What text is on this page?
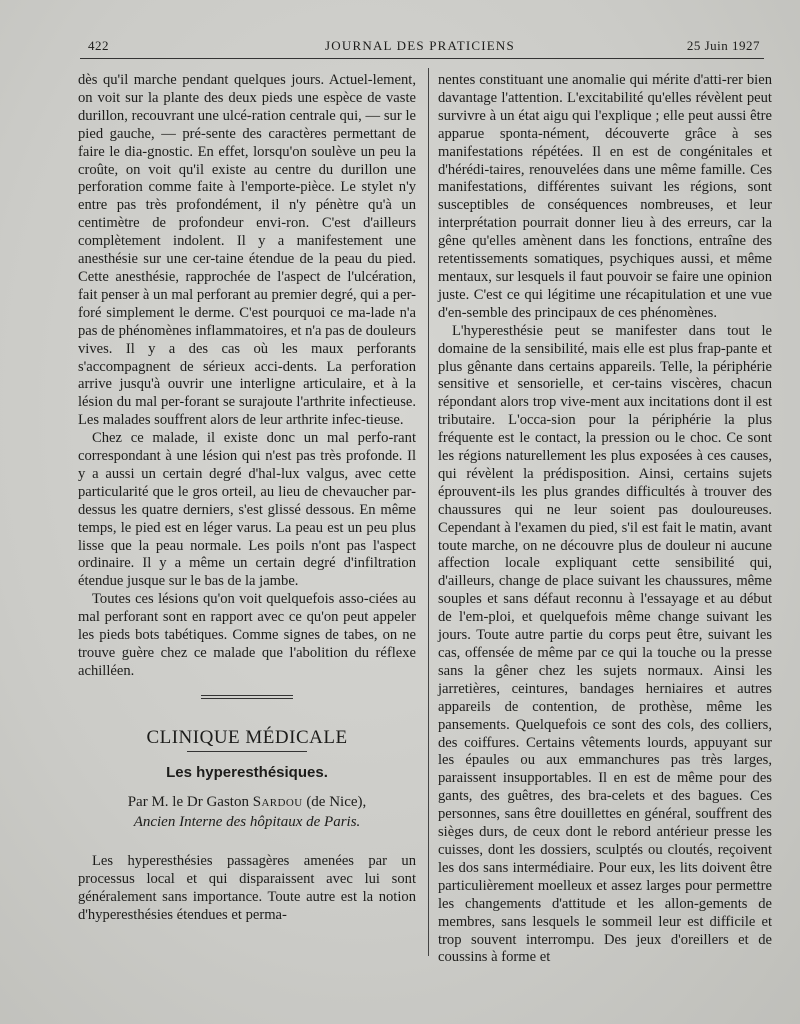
422	JOURNAL DES PRATICIENS	25 Juin 1927

dès qu'il marche pendant quelques jours. Actuel-lement, on voit sur la plante des deux pieds une espèce de vaste durillon, recouvrant une ulcé-ration centrale qui, — sur le pied gauche, — pré-sente des caractères permettant de faire le dia-gnostic. En effet, lorsqu'on soulève un peu la croûte, on voit qu'il existe au centre du durillon une perforation comme faite à l'emporte-pièce. Le stylet n'y entre pas très profondément, il n'y pénètre qu'à un centimètre de profondeur envi-ron. C'est d'ailleurs complètement indolent. Il y a manifestement une anesthésie sur une cer-taine étendue de la peau du pied. Cette anesthésie, rapprochée de l'aspect de l'ulcération, fait penser à un mal perforant au premier degré, qui a per-foré simplement le derme. C'est pourquoi ce ma-lade n'a pas de phénomènes inflammatoires, et n'a pas de douleurs vives. Il y a des cas où les maux perforants s'accompagnent de sérieux acci-dents. La perforation arrive jusqu'à ouvrir une interligne articulaire, et à la lésion du mal per-forant se surajoute l'arthrite infectieuse. Les malades souffrent alors de leur arthrite infec-tieuse.

Chez ce malade, il existe donc un mal perfo-rant correspondant à une lésion qui n'est pas très profonde. Il y a aussi un certain degré d'hal-lux valgus, avec cette particularité que le gros orteil, au lieu de chevaucher par-dessus les quatre derniers, s'est glissé dessous. En même temps, le pied est en léger varus. La peau est un peu plus lisse que la peau normale. Les poils n'ont pas l'aspect ordinaire. Il y a même un certain degré d'infiltration étendue jusque sur le bas de la jambe.

Toutes ces lésions qu'on voit quelquefois asso-ciées au mal perforant sont en rapport avec ce qu'on peut appeler les pieds bots tabétiques. Comme signes de tabes, on ne trouve guère chez ce malade que l'abolition du réflexe achilléen.

CLINIQUE MÉDICALE
Les hyperesthésiques.
Par M. le Dr Gaston Sardou (de Nice),
Ancien Interne des hôpitaux de Paris.

Les hyperesthésies passagères amenées par un processus local et qui disparaissent avec lui sont généralement sans importance. Toute autre est la notion d'hyperesthésies étendues et perma-

nentes constituant une anomalie qui mérite d'atti-rer bien davantage l'attention. L'excitabilité qu'elles révèlent peut survivre à un état aigu qui l'explique ; elle peut aussi être apparue sponta-nément, découverte grâce à ses manifestations répétées. Il en est de congénitales et d'hérédi-taires, renouvelées dans une même famille. Ces manifestations, différentes suivant les régions, sont susceptibles de conséquences nombreuses, et leur interprétation pourrait donner lieu à des erreurs, car la gêne qu'elles amènent dans les fonctions, entraîne des retentissements somatiques, psychiques aussi, et même mentaux, sur lesquels il faut pouvoir se faire une opinion juste. C'est ce qui légitime une récapitulation et une vue d'en-semble des principaux de ces phénomènes.

L'hyperesthésie peut se manifester dans tout le domaine de la sensibilité, mais elle est plus frap-pante et plus gênante dans certains appareils. Telle, la périphérie sensitive et sensorielle, et cer-tains viscères, chacun répondant alors trop vive-ment aux incitations dont il est tributaire. L'occa-sion pour la périphérie la plus fréquente est le contact, la pression ou le choc. Ce sont les régions naturellement les plus exposées à ces causes, qui révèlent la prédisposition. Ainsi, certains sujets éprouvent-ils les plus grandes difficultés à trouver des chaussures qui ne leur soient pas douloureuses. Cependant à l'examen du pied, s'il est fait le matin, avant toute marche, on ne découvre plus de douleur ni aucune affection locale expliquant cette sensibilité qui, d'ailleurs, change de place suivant les chaussures, même souples et sans défaut reconnu à l'essayage et au début de l'em-ploi, et quelquefois même change suivant les jours. Toute autre partie du corps peut être, suivant les cas, offensée de même par ce qui la touche ou la presse sans la gêner chez les sujets normaux. Ainsi les jarretières, ceintures, bandages herniaires et autres appareils de contention, de prothèse, même les pansements. Quelquefois ce sont des cols, des colliers, des coiffures. Certains vêtements lourds, appuyant sur les épaules ou aux emmanchures pas très larges, paraissent insupportables. Il en est de même pour des gants, des guêtres, des bra-celets et des bagues. Ces personnes, sans être douillettes en général, souffrent des sièges durs, de ceux dont le rebord antérieur presse les cuisses, dont les dossiers, sculptés ou cloutés, reçoivent les dos sans intermédiaire. Pour eux, les lits doivent être particulièrement moelleux et assez larges pour permettre les changements d'attitude et les allon-gements de membres, sans lesquels le sommeil leur est difficile et trop souvent interrompu. Des jeux d'oreillers et de coussins à forme et
